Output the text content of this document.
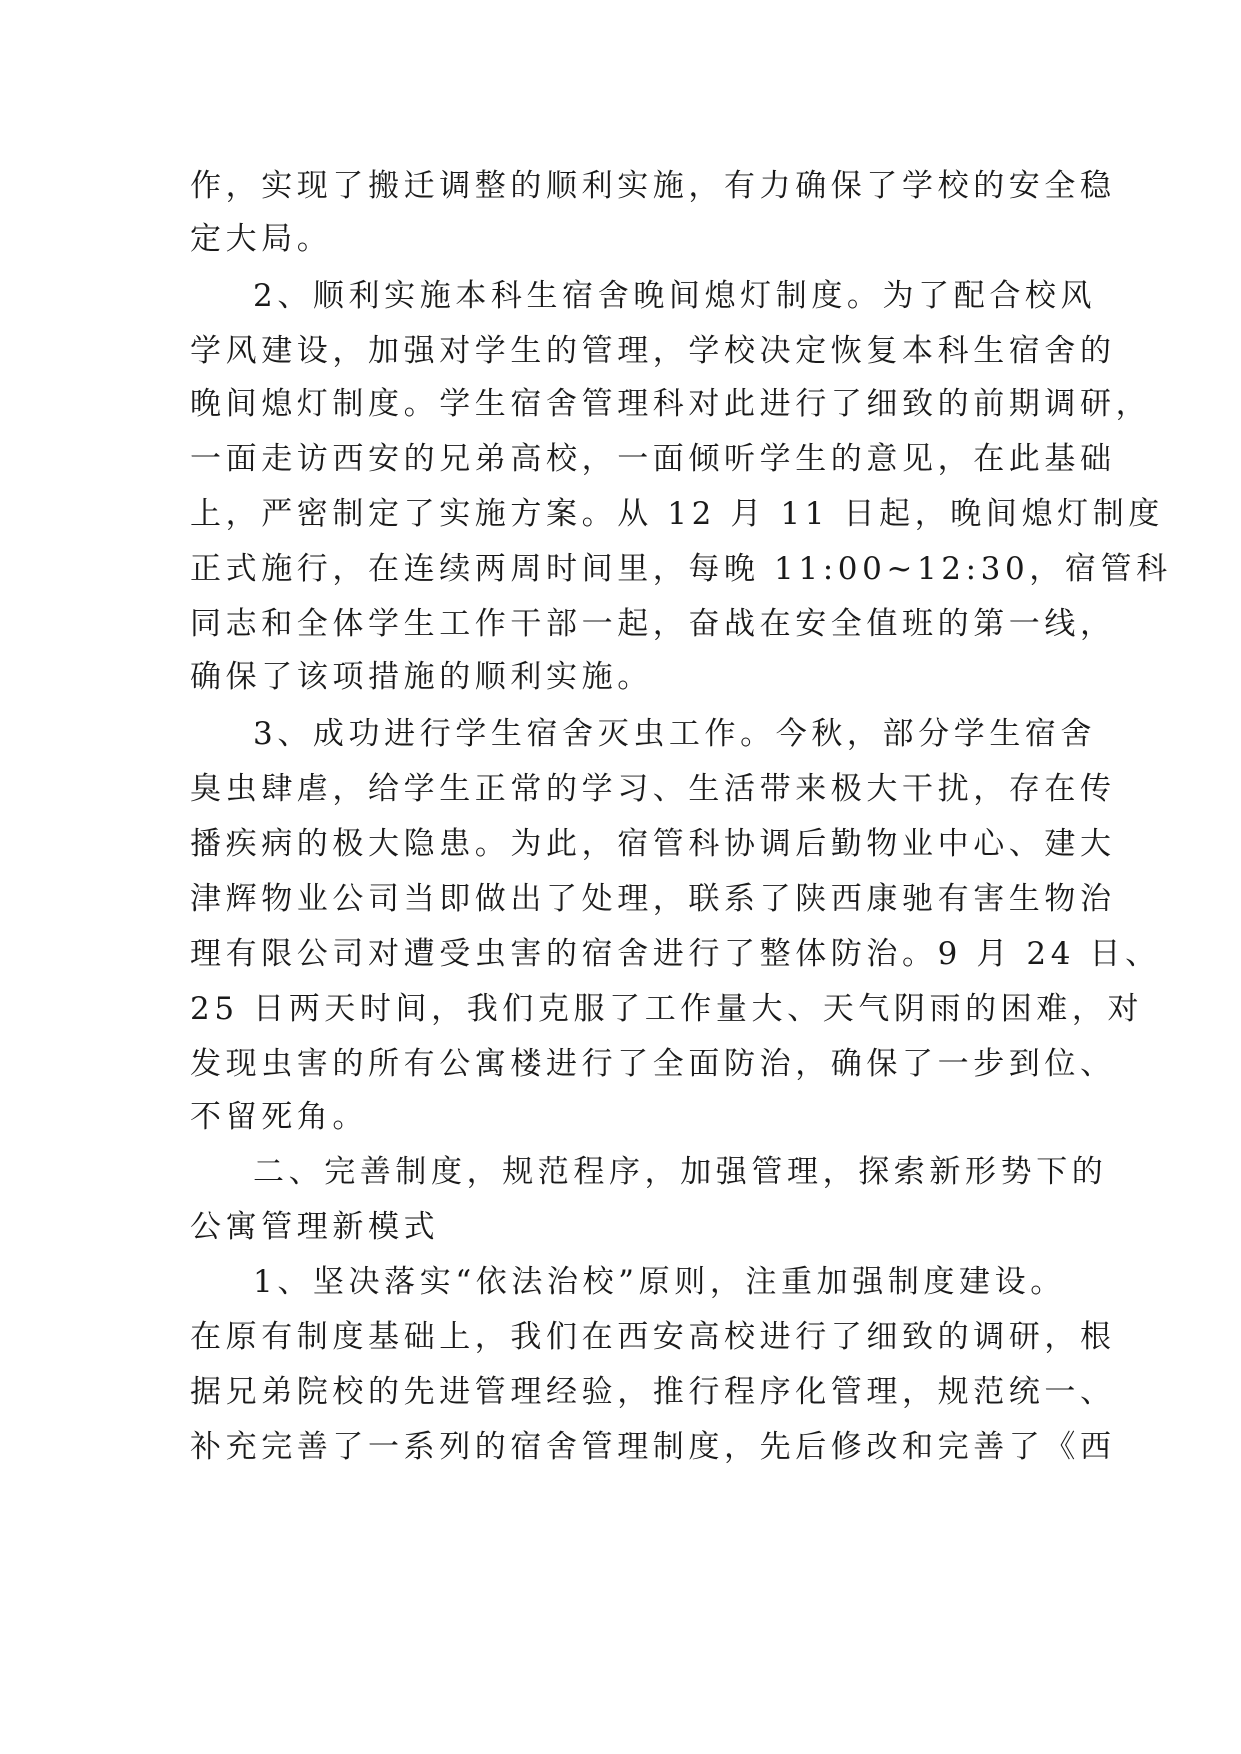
作，实现了搬迁调整的顺利实施，有力确保了学校的安全稳
定大局。
2、顺利实施本科生宿舍晚间熄灯制度。为了配合校风
学风建设，加强对学生的管理，学校决定恢复本科生宿舍的
晚间熄灯制度。学生宿舍管理科对此进行了细致的前期调研，
一面走访西安的兄弟高校，一面倾听学生的意见，在此基础
上，严密制定了实施方案。从 12 月 11 日起，晚间熄灯制度
正式施行，在连续两周时间里，每晚 11:00~12:30，宿管科
同志和全体学生工作干部一起，奋战在安全值班的第一线，
确保了该项措施的顺利实施。
3、成功进行学生宿舍灭虫工作。今秋，部分学生宿舍
臭虫肆虐，给学生正常的学习、生活带来极大干扰，存在传
播疾病的极大隐患。为此，宿管科协调后勤物业中心、建大
津辉物业公司当即做出了处理，联系了陕西康驰有害生物治
理有限公司对遭受虫害的宿舍进行了整体防治。9 月 24 日、
25 日两天时间，我们克服了工作量大、天气阴雨的困难，对
发现虫害的所有公寓楼进行了全面防治，确保了一步到位、
不留死角。
二、完善制度，规范程序，加强管理，探索新形势下的
公寓管理新模式
1、坚决落实“依法治校”原则，注重加强制度建设。
在原有制度基础上，我们在西安高校进行了细致的调研，根
据兄弟院校的先进管理经验，推行程序化管理，规范统一、
补充完善了一系列的宿舍管理制度，先后修改和完善了《西
